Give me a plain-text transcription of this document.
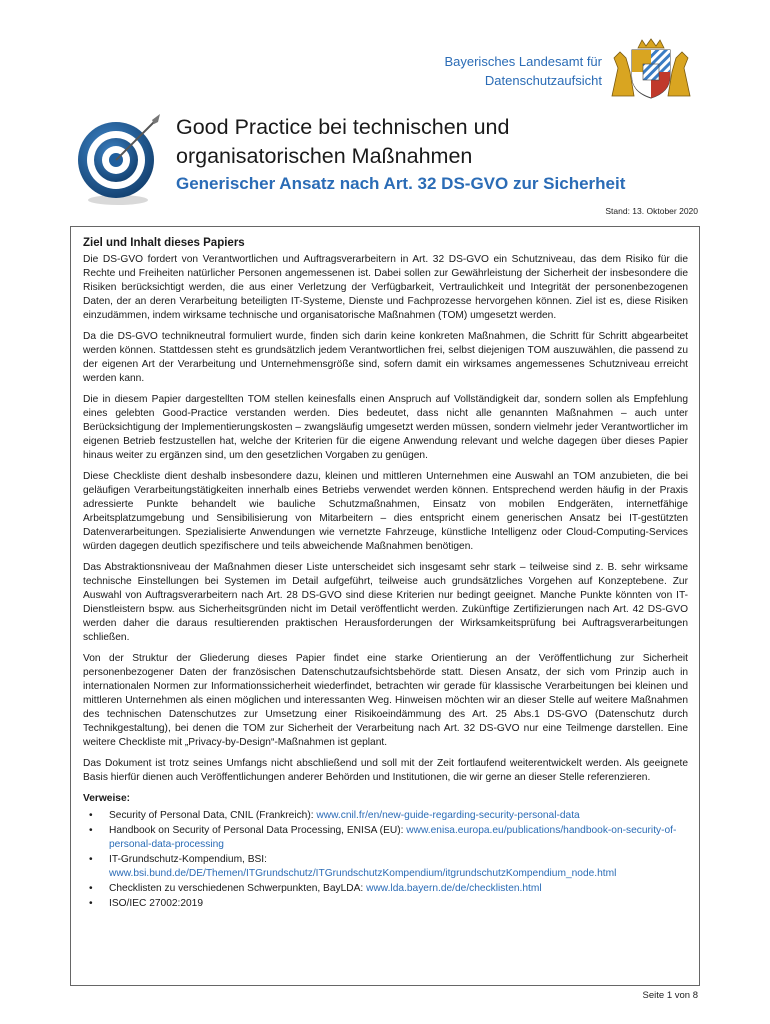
Bayerisches Landesamt für
Datenschutzaufsicht
Good Practice bei technischen und
organisatorischen Maßnahmen
Generischer Ansatz nach Art. 32 DS-GVO zur Sicherheit
Stand: 13. Oktober 2020
Ziel und Inhalt dieses Papiers

Die DS-GVO fordert von Verantwortlichen und Auftragsverarbeitern in Art. 32 DS-GVO ein Schutzniveau, das dem Risiko für die Rechte und Freiheiten natürlicher Personen angemessenen ist. Dabei sollen zur Gewährleistung der Sicherheit der insbesondere die Risiken berücksichtigt werden, die aus einer Verletzung der Verfügbarkeit, Vertraulichkeit und Integrität der personenbezogenen Daten, der an deren Verarbeitung beteiligten IT-Systeme, Dienste und Fachprozesse hervorgehen können. Ziel ist es, diese Risiken einzudämmen, indem wirksame technische und organisatorische Maßnahmen (TOM) umgesetzt werden.

Da die DS-GVO technikneutral formuliert wurde, finden sich darin keine konkreten Maßnahmen, die Schritt für Schritt abgearbeitet werden können. Stattdessen steht es grundsätzlich jedem Verantwortlichen frei, selbst diejenigen TOM auszuwählen, die passend zu der eigenen Art der Verarbeitung und Unternehmensgröße sind, sofern damit ein wirksames angemessenes Schutzniveau erreicht werden kann.

Die in diesem Papier dargestellten TOM stellen keinesfalls einen Anspruch auf Vollständigkeit dar, sondern sollen als Empfehlung eines gelebten Good-Practice verstanden werden. Dies bedeutet, dass nicht alle genannten Maßnahmen – auch unter Berücksichtigung der Implementierungskosten – zwangsläufig umgesetzt werden müssen, sondern vielmehr jeder Verantwortlicher im eigenen Betrieb festzustellen hat, welche der Kriterien für die eigene Anwendung relevant und welche dagegen über dieses Papier hinaus weiter zu ergänzen sind, um den gesetzlichen Vorgaben zu genügen.

Diese Checkliste dient deshalb insbesondere dazu, kleinen und mittleren Unternehmen eine Auswahl an TOM anzubieten, die bei geläufigen Verarbeitungstätigkeiten innerhalb eines Betriebs verwendet werden können. Entsprechend werden häufig in der Praxis adressierte Punkte behandelt wie bauliche Schutzmaßnahmen, Einsatz von mobilen Endgeräten, internetfähige Arbeitsplatzumgebung und Sensibilisierung von Mitarbeitern – dies entspricht einem generischen Ansatz bei IT-gestützten Datenverarbeitungen. Spezialisierte Anwendungen wie vernetzte Fahrzeuge, künstliche Intelligenz oder Cloud-Computing-Services würden dagegen deutlich spezifischere und teils abweichende Maßnahmen benötigen.

Das Abstraktionsniveau der Maßnahmen dieser Liste unterscheidet sich insgesamt sehr stark – teilweise sind z. B. sehr wirksame technische Einstellungen bei Systemen im Detail aufgeführt, teilweise auch grundsätzliches Vorgehen auf Konzeptebene. Zur Auswahl von Auftragsverarbeitern nach Art. 28 DS-GVO sind diese Kriterien nur bedingt geeignet. Manche Punkte könnten von IT-Dienstleistern bspw. aus Sicherheitsgründen nicht im Detail veröffentlicht werden. Zukünftige Zertifizierungen nach Art. 42 DS-GVO werden daher die daraus resultierenden praktischen Herausforderungen der Wirksamkeitsprüfung bei Auftragsverarbeitungen schließen.

Von der Struktur der Gliederung dieses Papier findet eine starke Orientierung an der Veröffentlichung zur Sicherheit personenbezogener Daten der französischen Datenschutzaufsichtsbehörde statt. Diesen Ansatz, der sich vom Prinzip auch in internationalen Normen zur Informationssicherheit wiederfindet, betrachten wir gerade für klassische Verarbeitungen bei kleinen und mittleren Unternehmen als einen möglichen und interessanten Weg. Hinweisen möchten wir an dieser Stelle auf weitere Maßnahmen des technischen Datenschutzes zur Umsetzung einer Risikoeindämmung des Art. 25 Abs.1 DS-GVO (Datenschutz durch Technikgestaltung), bei denen die TOM zur Sicherheit der Verarbeitung nach Art. 32 DS-GVO nur eine Teilmenge darstellen. Eine weitere Checkliste mit „Privacy-by-Design“-Maßnahmen ist geplant.

Das Dokument ist trotz seines Umfangs nicht abschließend und soll mit der Zeit fortlaufend weiterentwickelt werden. Als geeignete Basis hierfür dienen auch Veröffentlichungen anderer Behörden und Institutionen, die wir gerne an dieser Stelle referenzieren.

Verweise:
• Security of Personal Data, CNIL (Frankreich): www.cnil.fr/en/new-guide-regarding-security-personal-data
• Handbook on Security of Personal Data Processing, ENISA (EU): www.enisa.europa.eu/publications/handbook-on-security-of-personal-data-processing
• IT-Grundschutz-Kompendium, BSI: www.bsi.bund.de/DE/Themen/ITGrundschutz/ITGrundschutzKompendium/itgrundschutzKompendium_node.html
• Checklisten zu verschiedenen Schwerpunkten, BayLDA: www.lda.bayern.de/de/checklisten.html
• ISO/IEC 27002:2019
Seite 1 von 8
